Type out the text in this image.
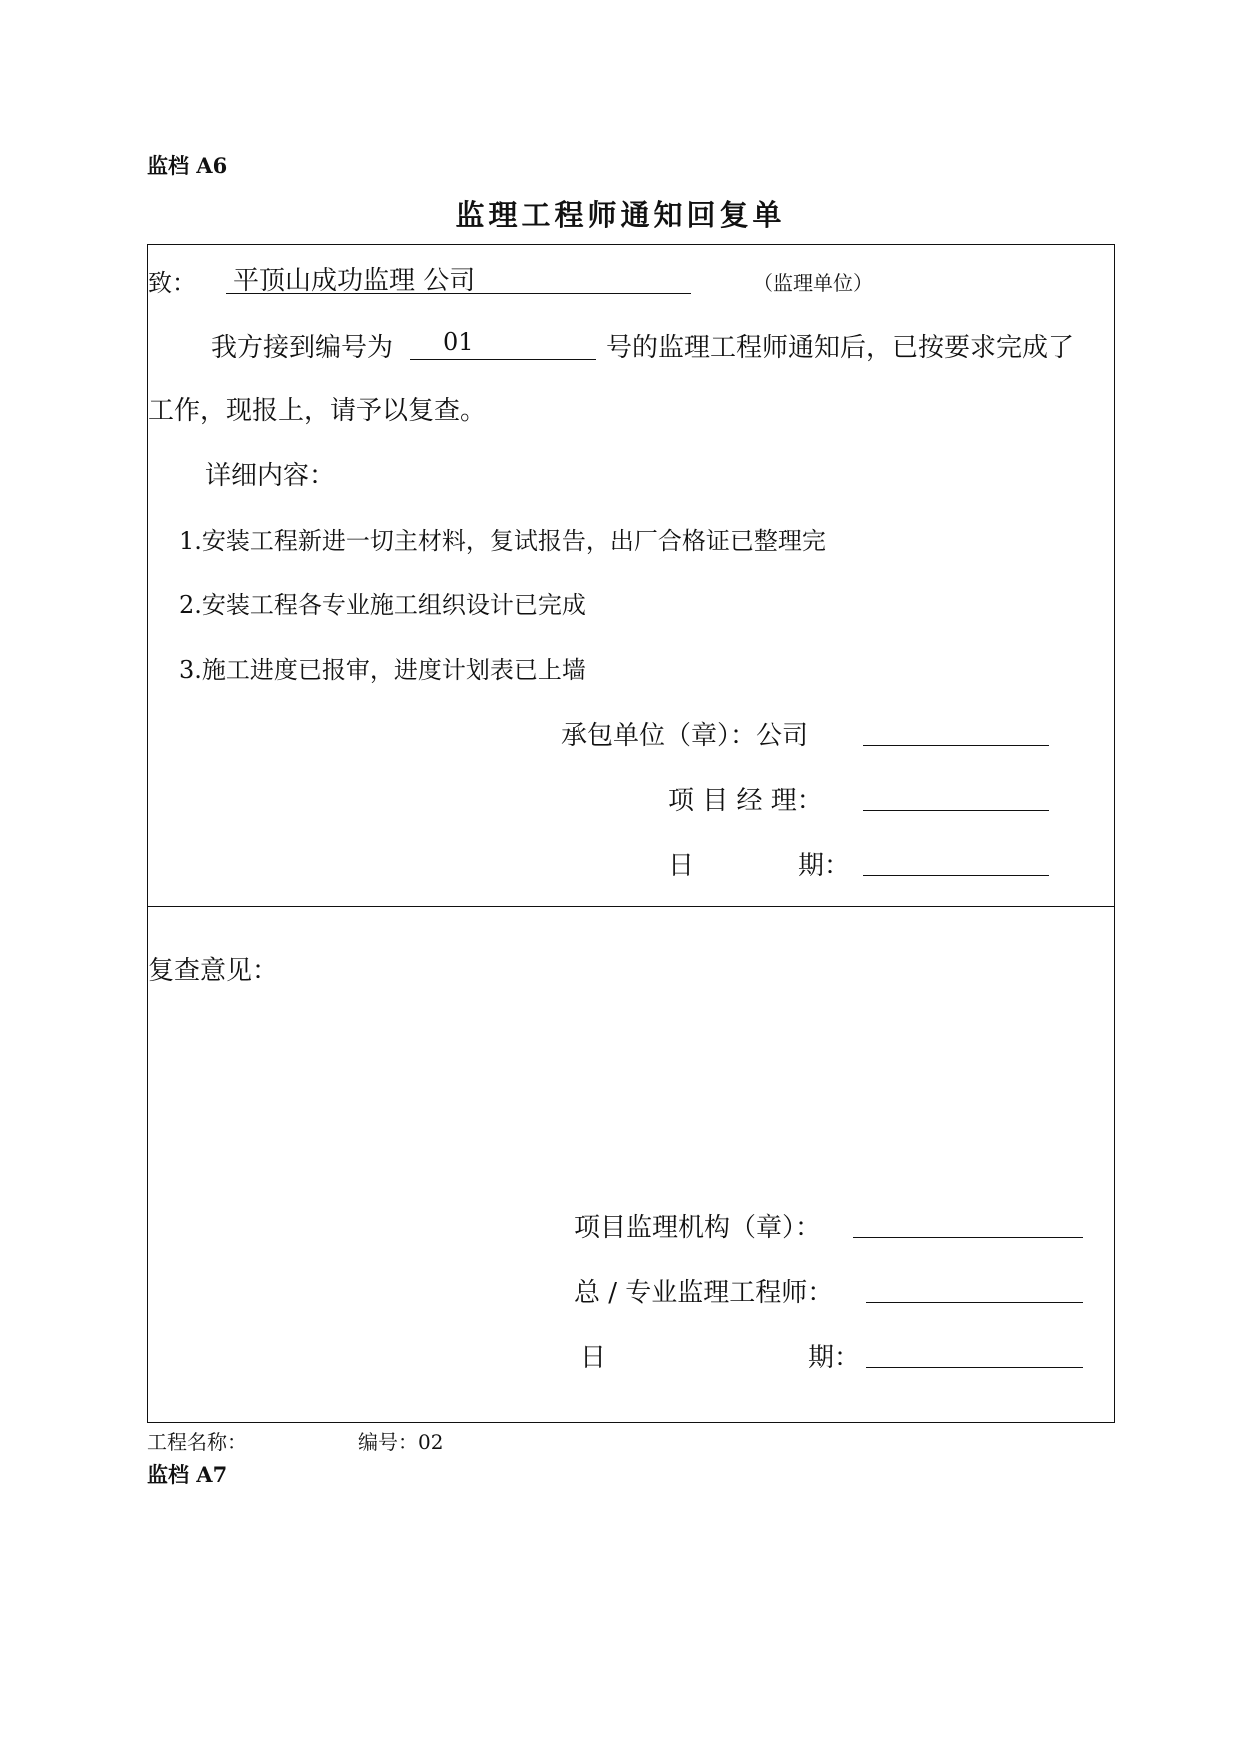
监档 A6
监理工程师通知回复单
致： 平顶山成功监理 公司	（监理单位）
我方接到编号为 01	号的监理工程师通知后，已按要求完成了
工作，现报上，请予以复查。
详细内容：
1.安装工程新进一切主材料，复试报告，出厂合格证已整理完
2.安装工程各专业施工组织设计已完成
3.施工进度已报审，进度计划表已上墙
承包单位（章）：公司
项 目 经 理：
日	期：
复查意见：
项目监理机构（章）：
总 / 专业监理工程师：
日	期：
工程名称：	编号：02
监档 A7
